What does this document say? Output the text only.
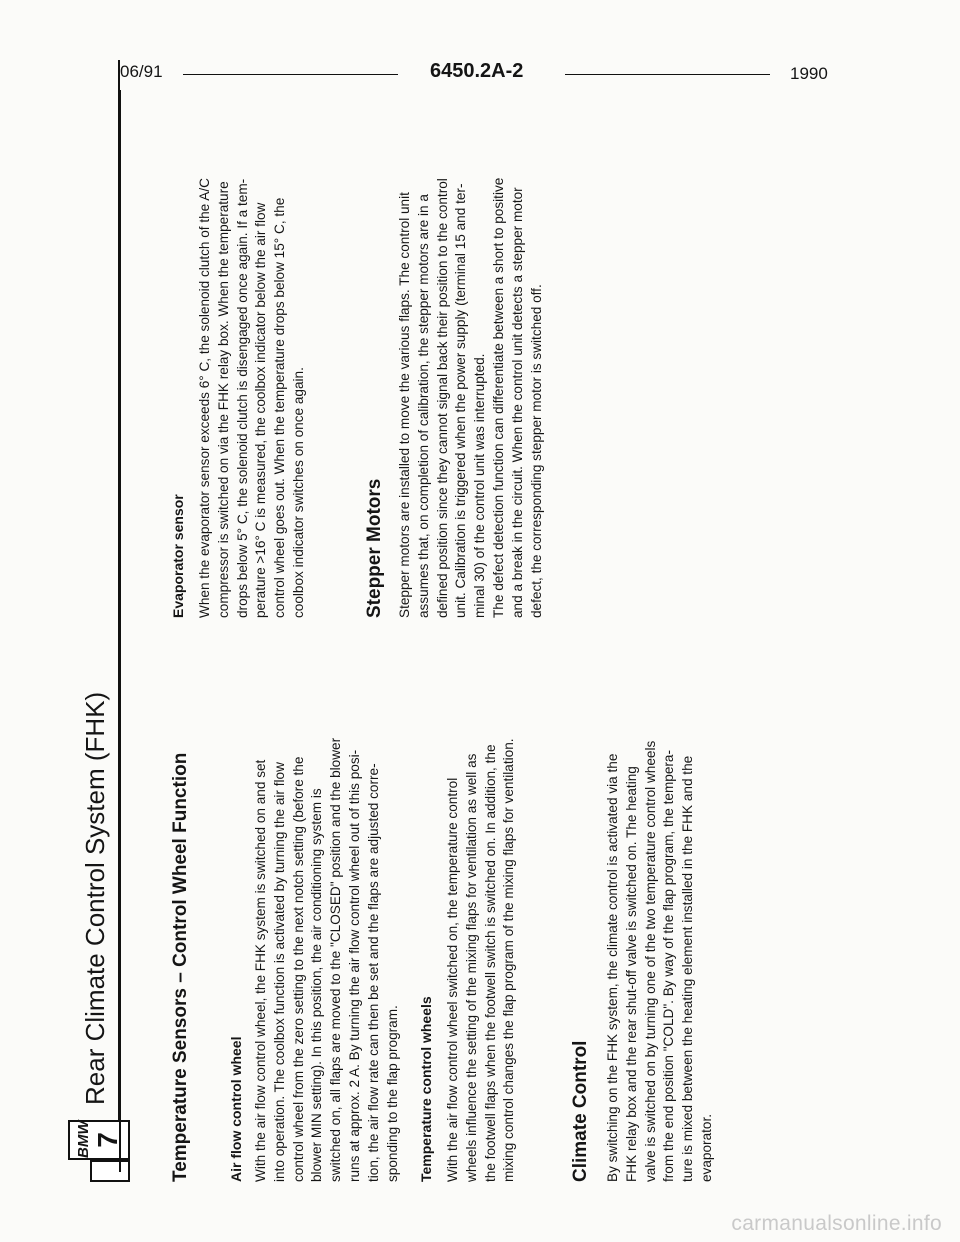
BMW 7
Rear Climate Control System (FHK)	Temperature Sensors – Control Wheel Function	Air flow control wheel With the air flow control wheel, the FHK system is switched on and set into operation. The coolbox function is activated by turning the air flow control wheel from the zero setting to the next notch setting (before the blower MIN setting). In this position, the air conditioning system is switched on, all flaps are moved to the "CLOSED" position and the blower runs at approx. 2 A. By turning the air flow control wheel out of this posi- tion, the air flow rate can then be set and the flaps are adjusted corre- sponding to the flap program. Temperature control wheels With the air flow control wheel switched on, the temperature control wheels influence the setting of the mixing flaps for ventilation as well as the footwell flaps when the footwell switch is switched on. In addition, the mixing control changes the flap program of the mixing flaps for ventilation.	Climate Control By switching on the FHK system, the climate control is activated via the FHK relay box and the rear shut-off valve is switched on. The heating valve is switched on by turning one of the two temperature control wheels from the end position "COLD". By way of the flap program, the tempera- ture is mixed between the heating element installed in the FHK and the evaporator.
Evaporator sensor When the evaporator sensor exceeds 6° C, the solenoid clutch of the A/C compressor is switched on via the FHK relay box. When the temperature drops below 5° C, the solenoid clutch is disengaged once again. If a tem- perature >16° C is measured, the coolbox indicator below the air flow control wheel goes out. When the temperature drops below 15° C, the coolbox indicator switches on once again.	Stepper Motors Stepper motors are installed to move the various flaps. The control unit assumes that, on completion of calibration, the stepper motors are in a defined position since they cannot signal back their position to the control unit. Calibration is triggered when the power supply (terminal 15 and ter- minal 30) of the control unit was interrupted. The defect detection function can differentiate between a short to positive and a break in the circuit. When the control unit detects a stepper motor defect, the corresponding stepper motor is switched off.
06/91	6450.2A-2	1990
carmanualsonline.info
